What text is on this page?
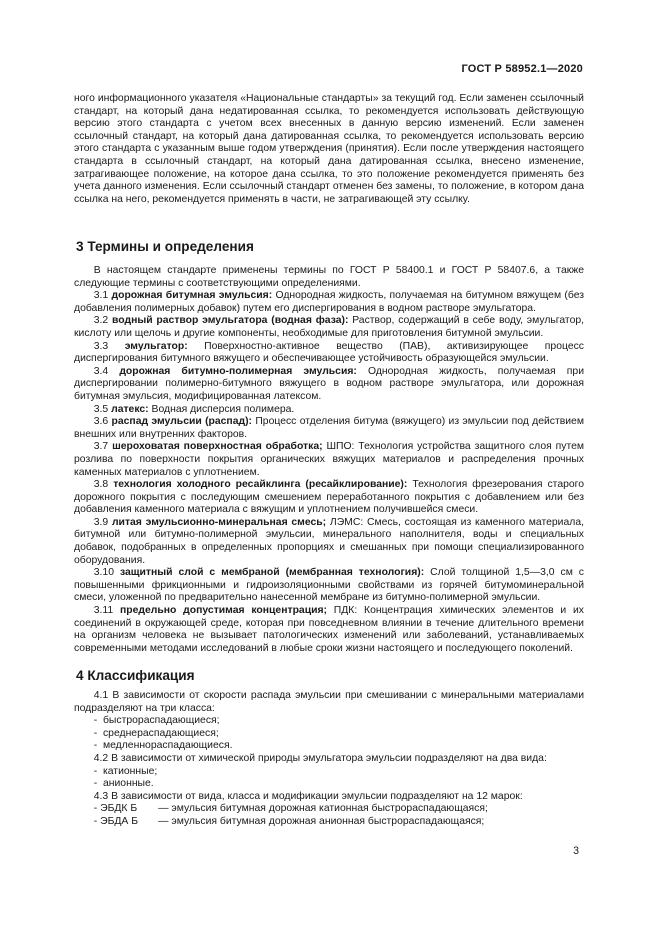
ГОСТ Р 58952.1—2020

ного информационного указателя «Национальные стандарты» за текущий год. Если заменен ссылочный стандарт, на который дана недатированная ссылка, то рекомендуется использовать действующую версию этого стандарта с учетом всех внесенных в данную версию изменений. Если заменен ссылочный стандарт, на который дана датированная ссылка, то рекомендуется использовать версию этого стандарта с указанным выше годом утверждения (принятия). Если после утверждения настоящего стандарта в ссылочный стандарт, на который дана датированная ссылка, внесено изменение, затрагивающее положение, на которое дана ссылка, то это положение рекомендуется применять без учета данного изменения. Если ссылочный стандарт отменен без замены, то положение, в котором дана ссылка на него, рекомендуется применять в части, не затрагивающей эту ссылку.

3 Термины и определения

В настоящем стандарте применены термины по ГОСТ Р 58400.1 и ГОСТ Р 58407.6, а также следующие термины с соответствующими определениями.

3.1 дорожная битумная эмульсия: Однородная жидкость, получаемая на битумном вяжущем (без добавления полимерных добавок) путем его диспергирования в водном растворе эмульгатора.

3.2 водный раствор эмульгатора (водная фаза): Раствор, содержащий в себе воду, эмульгатор, кислоту или щелочь и другие компоненты, необходимые для приготовления битумной эмульсии.

3.3 эмульгатор: Поверхностно-активное вещество (ПАВ), активизирующее процесс диспергирования битумного вяжущего и обеспечивающее устойчивость образующейся эмульсии.

3.4 дорожная битумно-полимерная эмульсия: Однородная жидкость, получаемая при диспергировании полимерно-битумного вяжущего в водном растворе эмульгатора, или дорожная битумная эмульсия, модифицированная латексом.

3.5 латекс: Водная дисперсия полимера.

3.6 распад эмульсии (распад): Процесс отделения битума (вяжущего) из эмульсии под действием внешних или внутренних факторов.

3.7 шероховатая поверхностная обработка; ШПО: Технология устройства защитного слоя путем розлива по поверхности покрытия органических вяжущих материалов и распределения прочных каменных материалов с уплотнением.

3.8 технология холодного ресайклинга (ресайклирование): Технология фрезерования старого дорожного покрытия с последующим смешением переработанного покрытия с добавлением или без добавления каменного материала с вяжущим и уплотнением получившейся смеси.

3.9 литая эмульсионно-минеральная смесь; ЛЭМС: Смесь, состоящая из каменного материала, битумной или битумно-полимерной эмульсии, минерального наполнителя, воды и специальных добавок, подобранных в определенных пропорциях и смешанных при помощи специализированного оборудования.

3.10 защитный слой с мембраной (мембранная технология): Слой толщиной 1,5—3,0 см с повышенными фрикционными и гидроизоляционными свойствами из горячей битумоминеральной смеси, уложенной по предварительно нанесенной мембране из битумно-полимерной эмульсии.

3.11 предельно допустимая концентрация; ПДК: Концентрация химических элементов и их соединений в окружающей среде, которая при повседневном влиянии в течение длительного времени на организм человека не вызывает патологических изменений или заболеваний, устанавливаемых современными методами исследований в любые сроки жизни настоящего и последующего поколений.

4 Классификация

4.1 В зависимости от скорости распада эмульсии при смешивании с минеральными материалами подразделяют на три класса:

-  быстрораспадающиеся;
-  среднераспадающиеся;
-  медленнораспадающиеся.

4.2 В зависимости от химической природы эмульгатора эмульсии подразделяют на два вида:

-  катионные;
-  анионные.

4.3 В зависимости от вида, класса и модификации эмульсии подразделяют на 12 марок:

- ЭБДК Б	— эмульсия битумная дорожная катионная быстрораспадающаяся;
- ЭБДА Б	— эмульсия битумная дорожная анионная быстрораспадающаяся;
3
